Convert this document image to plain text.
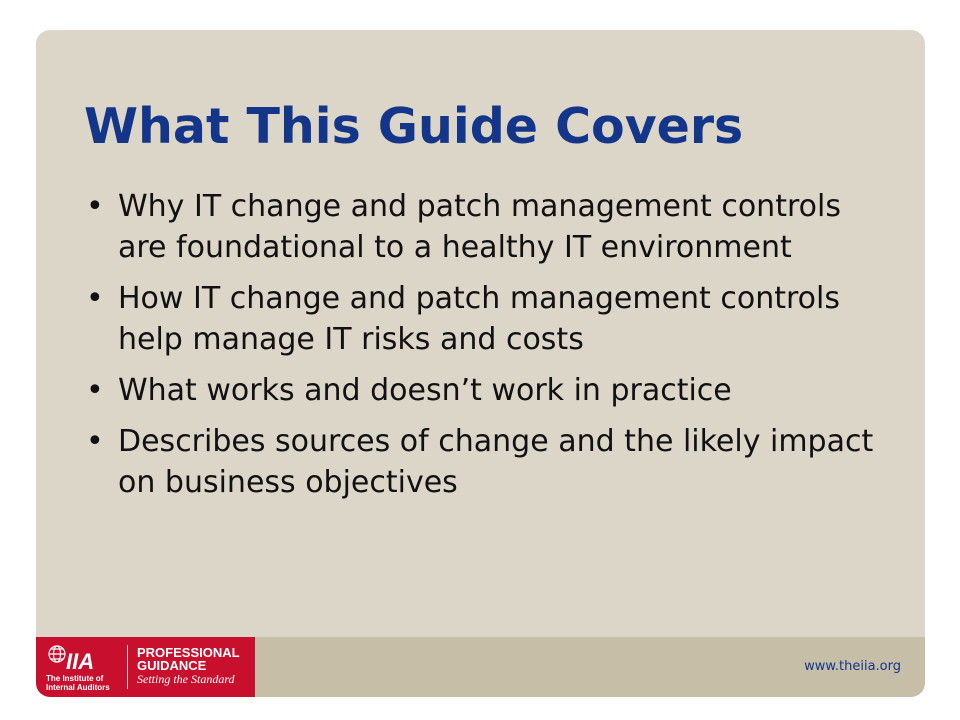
What This Guide Covers
• Why IT change and patch management controls are foundational to a healthy IT environment
• How IT change and patch management controls help manage IT risks and costs
• What works and doesn’t work in practice
• Describes sources of change and the likely impact on business objectives
IIA
The Institute of
Internal Auditors
PROFESSIONAL
GUIDANCE
Setting the Standard
www.theiia.org
